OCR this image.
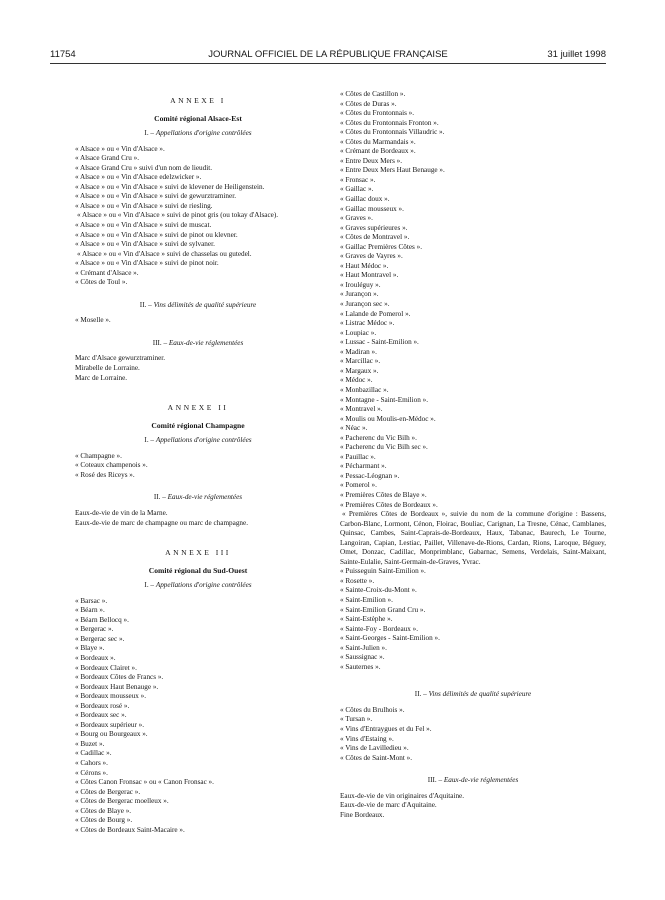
11754	JOURNAL OFFICIEL DE LA RÉPUBLIQUE FRANÇAISE	31 juillet 1998
ANNEXE I
Comité régional Alsace-Est
I. – Appellations d'origine contrôlées
« Alsace » ou « Vin d'Alsace ».
« Alsace Grand Cru ».
« Alsace Grand Cru » suivi d'un nom de lieudit.
« Alsace » ou « Vin d'Alsace edelzwicker ».
« Alsace » ou « Vin d'Alsace » suivi de klevener de Heiligenstein.
« Alsace » ou « Vin d'Alsace » suivi de gewurztraminer.
« Alsace » ou « Vin d'Alsace » suivi de riesling.
« Alsace » ou « Vin d'Alsace » suivi de pinot gris (ou tokay d'Alsace).
« Alsace » ou « Vin d'Alsace » suivi de muscat.
« Alsace » ou « Vin d'Alsace » suivi de pinot ou klevner.
« Alsace » ou « Vin d'Alsace » suivi de sylvaner.
« Alsace » ou « Vin d'Alsace » suivi de chasselas ou gutedel.
« Alsace » ou « Vin d'Alsace » suivi de pinot noir.
« Crémant d'Alsace ».
« Côtes de Toul ».
II. – Vins délimités de qualité supérieure
« Moselle ».
III. – Eaux-de-vie réglementées
Marc d'Alsace gewurztraminer.
Mirabelle de Lorraine.
Marc de Lorraine.
ANNEXE II
Comité régional Champagne
I. – Appellations d'origine contrôlées
« Champagne ».
« Coteaux champenois ».
« Rosé des Riceys ».
II. – Eaux-de-vie réglementées
Eaux-de-vie de vin de la Marne.
Eaux-de-vie de marc de champagne ou marc de champagne.
ANNEXE III
Comité régional du Sud-Ouest
I. – Appellations d'origine contrôlées
« Barsac ».
« Béarn ».
« Béarn Bellocq ».
« Bergerac ».
« Bergerac sec ».
« Blaye ».
« Bordeaux ».
« Bordeaux Clairet ».
« Bordeaux Côtes de Francs ».
« Bordeaux Haut Benauge ».
« Bordeaux mousseux ».
« Bordeaux rosé ».
« Bordeaux sec ».
« Bordeaux supérieur ».
« Bourg ou Bourgeaux ».
« Buzet ».
« Cadillac ».
« Cahors ».
« Cérons ».
« Côtes Canon Fronsac » ou « Canon Fronsac ».
« Côtes de Bergerac ».
« Côtes de Bergerac moelleux ».
« Côtes de Blaye ».
« Côtes de Bourg ».
« Côtes de Bordeaux Saint-Macaire ».
« Côtes de Castillon ».
« Côtes de Duras ».
« Côtes du Frontonnais ».
« Côtes du Frontonnais Fronton ».
« Côtes du Frontonnais Villaudric ».
« Côtes du Marmandais ».
« Crémant de Bordeaux ».
« Entre Deux Mers ».
« Entre Deux Mers Haut Benauge ».
« Fronsac ».
« Gaillac ».
« Gaillac doux ».
« Gaillac mousseux ».
« Graves ».
« Graves supérieures ».
« Côtes de Montravel ».
« Gaillac Premières Côtes ».
« Graves de Vayres ».
« Haut Médoc ».
« Haut Montravel ».
« Irouléguy ».
« Jurançon ».
« Jurançon sec ».
« Lalande de Pomerol ».
« Listrac Médoc ».
« Loupiac ».
« Lussac - Saint-Emilion ».
« Madiran ».
« Marcillac ».
« Margaux ».
« Médoc ».
« Monbazillac ».
« Montagne - Saint-Emilion ».
« Montravel ».
« Moulis ou Moulis-en-Médoc ».
« Néac ».
« Pacherenc du Vic Bilh ».
« Pacherenc du Vic Bilh sec ».
« Pauillac ».
« Pécharmant ».
« Pessac-Léognan ».
« Pomerol ».
« Premières Côtes de Blaye ».
« Premières Côtes de Bordeaux ».
« Premières Côtes de Bordeaux », suivie du nom de la commune d'origine : Bassens, Carbon-Blanc, Lormont, Cénon, Floirac, Bouliac, Carignan, La Tresne, Cénac, Camblanes, Quinsac, Cambes, Saint-Caprais-de-Bordeaux, Haux, Tabanac, Baurech, Le Tourne, Langoiran, Capian, Lestiac, Paillet, Villenave-de-Rions, Cardan, Rions, Laroque, Béguey, Omet, Donzac, Cadillac, Monprimblanc, Gabarnac, Semens, Verdelais, Saint-Maixant, Sainte-Eulalie, Saint-Germain-de-Graves, Yvrac.
« Puisseguin Saint-Emilion ».
« Rosette ».
« Sainte-Croix-du-Mont ».
« Saint-Emilion ».
« Saint-Emilion Grand Cru ».
« Saint-Estèphe ».
« Sainte-Foy - Bordeaux ».
« Saint-Georges - Saint-Emilion ».
« Saint-Julien ».
« Saussignac ».
« Sauternes ».
II. – Vins délimités de qualité supérieure
« Côtes du Brulhois ».
« Tursan ».
« Vins d'Entraygues et du Fel ».
« Vins d'Estaing ».
« Vins de Lavilledieu ».
« Côtes de Saint-Mont ».
III. – Eaux-de-vie réglementées
Eaux-de-vie de vin originaires d'Aquitaine.
Eaux-de-vie de marc d'Aquitaine.
Fine Bordeaux.
